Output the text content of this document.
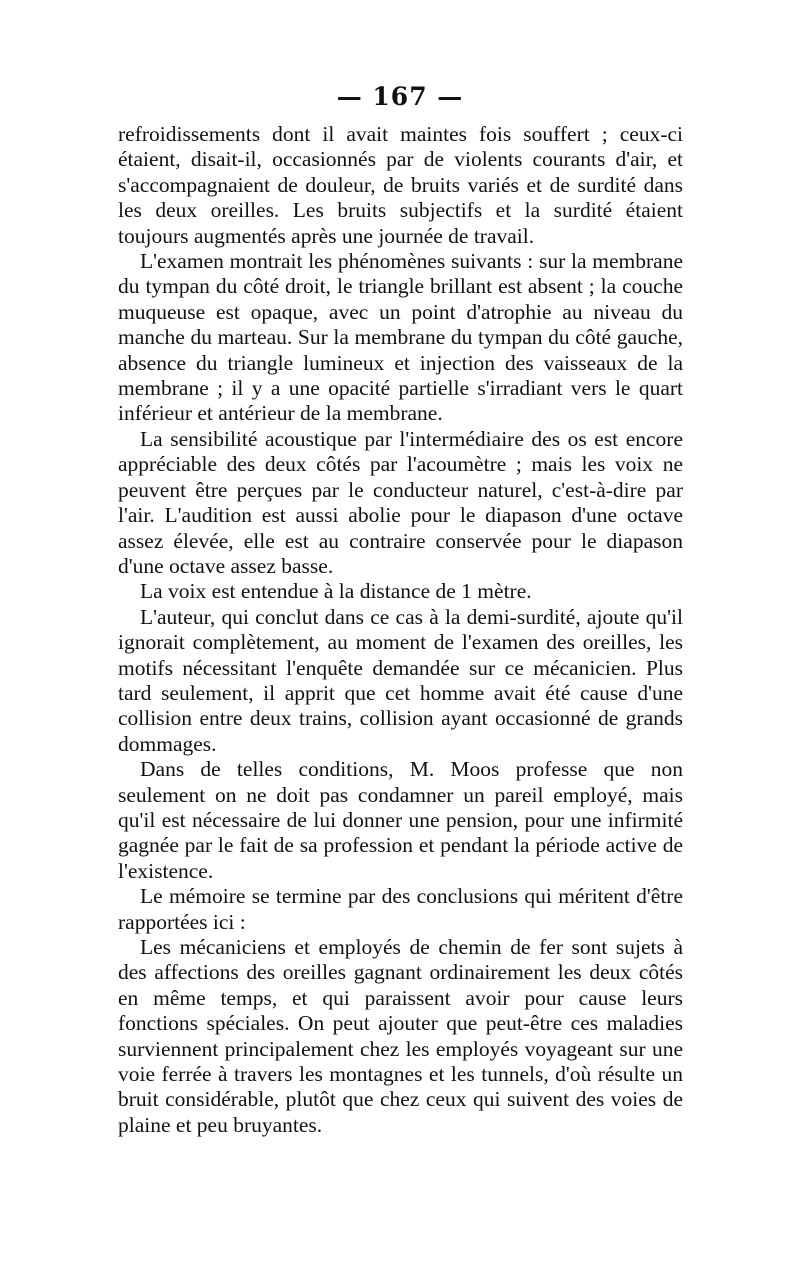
— 167 —

refroidissements dont il avait maintes fois souffert ; ceux-ci étaient, disait-il, occasionnés par de violents courants d'air, et s'accompagnaient de douleur, de bruits variés et de surdité dans les deux oreilles. Les bruits subjectifs et la surdité étaient toujours augmentés après une journée de travail.

L'examen montrait les phénomènes suivants : sur la membrane du tympan du côté droit, le triangle brillant est absent ; la couche muqueuse est opaque, avec un point d'atrophie au niveau du manche du marteau. Sur la membrane du tympan du côté gauche, absence du triangle lumineux et injection des vaisseaux de la membrane ; il y a une opacité partielle s'irradiant vers le quart inférieur et antérieur de la membrane.

La sensibilité acoustique par l'intermédiaire des os est encore appréciable des deux côtés par l'acoumètre ; mais les voix ne peuvent être perçues par le conducteur naturel, c'est-à-dire par l'air. L'audition est aussi abolie pour le diapason d'une octave assez élevée, elle est au contraire conservée pour le diapason d'une octave assez basse.

La voix est entendue à la distance de 1 mètre.

L'auteur, qui conclut dans ce cas à la demi-surdité, ajoute qu'il ignorait complètement, au moment de l'examen des oreilles, les motifs nécessitant l'enquête demandée sur ce mécanicien. Plus tard seulement, il apprit que cet homme avait été cause d'une collision entre deux trains, collision ayant occasionné de grands dommages.

Dans de telles conditions, M. Moos professe que non seulement on ne doit pas condamner un pareil employé, mais qu'il est nécessaire de lui donner une pension, pour une infirmité gagnée par le fait de sa profession et pendant la période active de l'existence.

Le mémoire se termine par des conclusions qui méritent d'être rapportées ici :

Les mécaniciens et employés de chemin de fer sont sujets à des affections des oreilles gagnant ordinairement les deux côtés en même temps, et qui paraissent avoir pour cause leurs fonctions spéciales. On peut ajouter que peut-être ces maladies surviennent principalement chez les employés voyageant sur une voie ferrée à travers les montagnes et les tunnels, d'où résulte un bruit considérable, plutôt que chez ceux qui suivent des voies de plaine et peu bruyantes.
